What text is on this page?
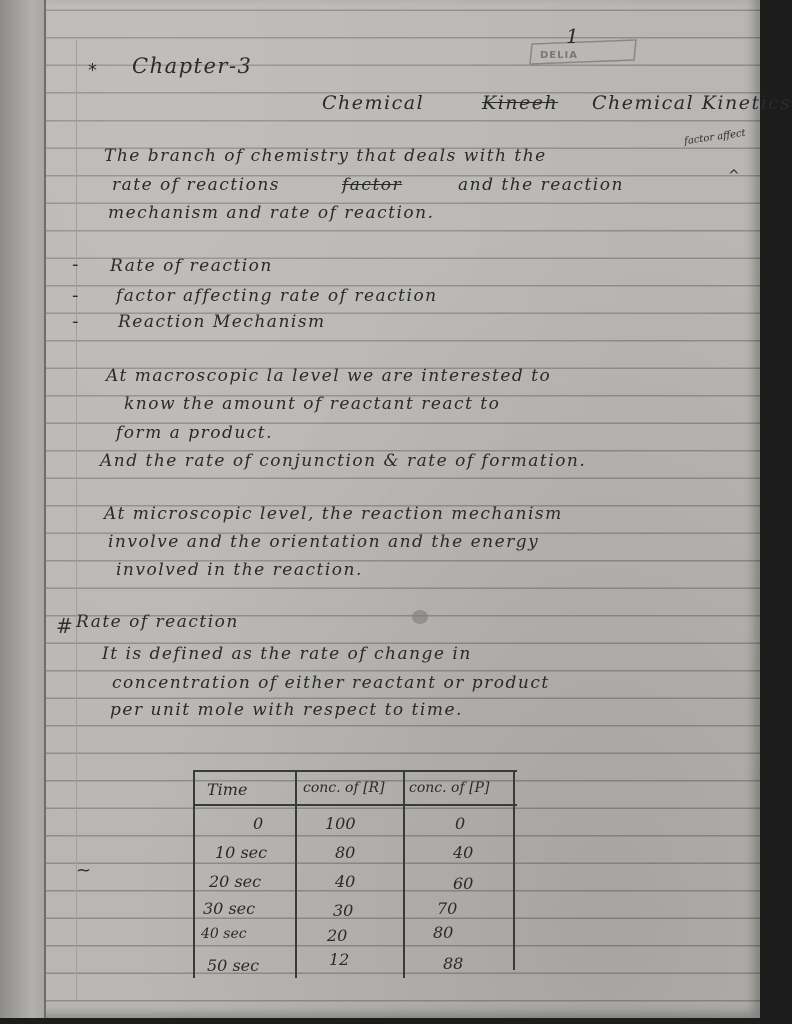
DELIA
1
* Chapter-3
Chemical	Kineeh Chemical Kinetics
factor affect
^
The branch of chemistry that deals with the
rate of reactions	factor	and the reaction
mechanism and rate of reaction.
- Rate of reaction
- factor affecting rate of reaction
- Reaction Mechanism
At macroscopic la level we are interested to
know the amount of reactant react to
form a product.
And the rate of conjunction & rate of formation.
At microscopic level, the reaction mechanism
involve and the orientation and the energy
involved in the reaction.
# Rate of reaction
It is defined as the rate of change in
concentration of either reactant or product
per unit mole with respect to time.
~
Time	conc. of [R] conc. of [P]
0	100	0
10 sec	80	40
20 sec	40	60
30 sec	30	70
40 sec	20	80
50 sec	12	88
